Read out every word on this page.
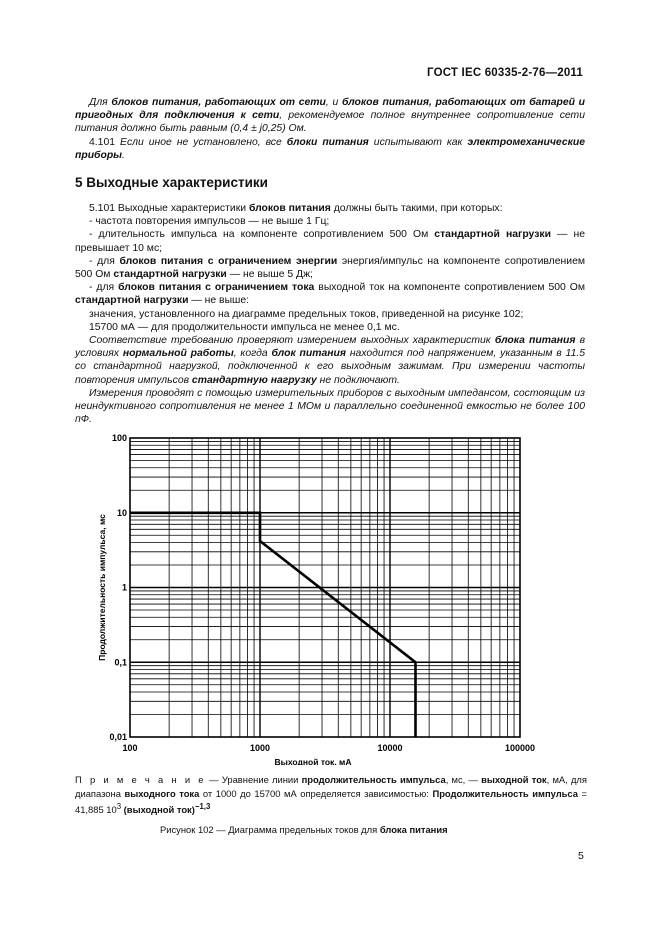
ГОСТ IEC 60335-2-76—2011
Для блоков питания, работающих от сети, и блоков питания, работающих от батарей и пригодных для подключения к сети, рекомендуемое полное внутреннее сопротивление сети питания должно быть равным (0,4 ± j0,25) Ом.
4.101 Если иное не установлено, все блоки питания испытывают как электромеханические приборы.
5 Выходные характеристики
5.101 Выходные характеристики блоков питания должны быть такими, при которых:
- частота повторения импульсов — не выше 1 Гц;
- длительность импульса на компоненте сопротивлением 500 Ом стандартной нагрузки — не превышает 10 мс;
- для блоков питания с ограничением энергии энергия/импульс на компоненте сопротивлением 500 Ом стандартной нагрузки — не выше 5 Дж;
- для блоков питания с ограничением тока выходной ток на компоненте сопротивлением 500 Ом стандартной нагрузки — не выше:
значения, установленного на диаграмме предельных токов, приведенной на рисунке 102;
15700 мА — для продолжительности импульса не менее 0,1 мс.
Соответствие требованию проверяют измерением выходных характеристик блока питания в условиях нормальной работы, когда блок питания находится под напряжением, указанным в 11.5 со стандартной нагрузкой, подключенной к его выходным зажимам. При измерении частоты повторения импульсов стандартную нагрузку не подключают.
Измерения проводят с помощью измерительных приборов с выходным импедансом, состоящим из неиндуктивного сопротивления не менее 1 МОм и параллельно соединенной емкостью не более 100 пФ.
100	1000	10000	100000
0,01
0,1
1
10
100
Выходной ток, мА
Продолжительность импульса, мс
П р и м е ч а н и е — Уравнение линии продолжительность импульса, мс, — выходной ток, мА, для диапазона выходного тока от 1000 до 15700 мА определяется зависимостью: Продолжительность импульса = 41,885 $10^3$ (выходной ток)$^{-1,3}$
Рисунок 102 — Диаграмма предельных токов для блока питания
5
